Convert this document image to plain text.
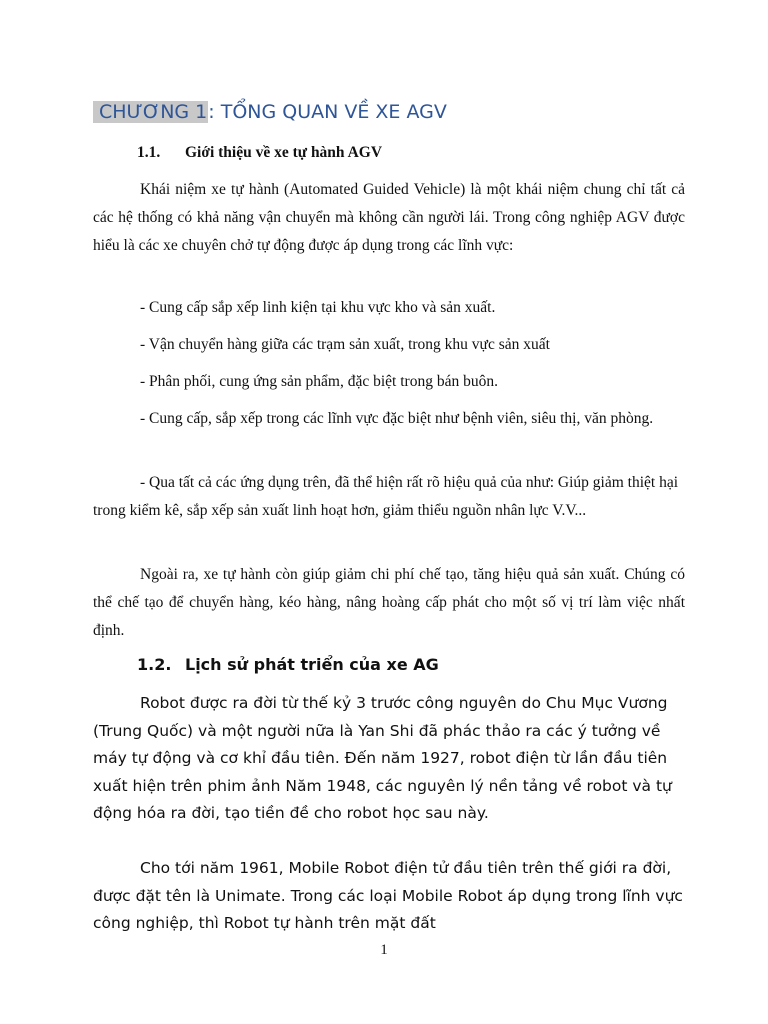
CHƯƠNG 1: TỔNG QUAN VỀ XE AGV
1.1. Giới thiệu về xe tự hành AGV

Khái niệm xe tự hành (Automated Guided Vehicle) là một khái niệm chung chỉ tất cả các hệ thống có khả năng vận chuyển mà không cần người lái. Trong công nghiệp AGV được hiểu là các xe chuyên chở tự động được áp dụng trong các lĩnh vực:

- Cung cấp sắp xếp linh kiện tại khu vực kho và sản xuất.

- Vận chuyển hàng giữa các trạm sản xuất, trong khu vực sản xuất

- Phân phối, cung ứng sản phẩm, đặc biệt trong bán buôn.

- Cung cấp, sắp xếp trong các lĩnh vực đặc biệt như bệnh viên, siêu thị, văn phòng.

- Qua tất cả các ứng dụng trên, đã thể hiện rất rõ hiệu quả của như: Giúp giảm thiệt hại trong kiểm kê, sắp xếp sản xuất linh hoạt hơn, giảm thiểu nguồn nhân lực V.V...

Ngoài ra, xe tự hành còn giúp giảm chi phí chế tạo, tăng hiệu quả sản xuất. Chúng có thể chế tạo để chuyển hàng, kéo hàng, nâng hoàng cấp phát cho một số vị trí làm việc nhất định.

1.2. Lịch sử phát triển của xe AG

Robot được ra đời từ thế kỷ 3 trước công nguyên do Chu Mục Vương (Trung Quốc) và một người nữa là Yan Shi đã phác thảo ra các ý tưởng về máy tự động và cơ khỉ đầu tiên. Đến năm 1927, robot điện từ lần đầu tiên xuất hiện trên phim ảnh Năm 1948, các nguyên lý nền tảng về robot và tự động hóa ra đời, tạo tiền đề cho robot học sau này.

Cho tới năm 1961, Mobile Robot điện tử đầu tiên trên thế giới ra đời, được đặt tên là Unimate. Trong các loại Mobile Robot áp dụng trong lĩnh vực công nghiệp, thì Robot tự hành trên mặt đất

1
